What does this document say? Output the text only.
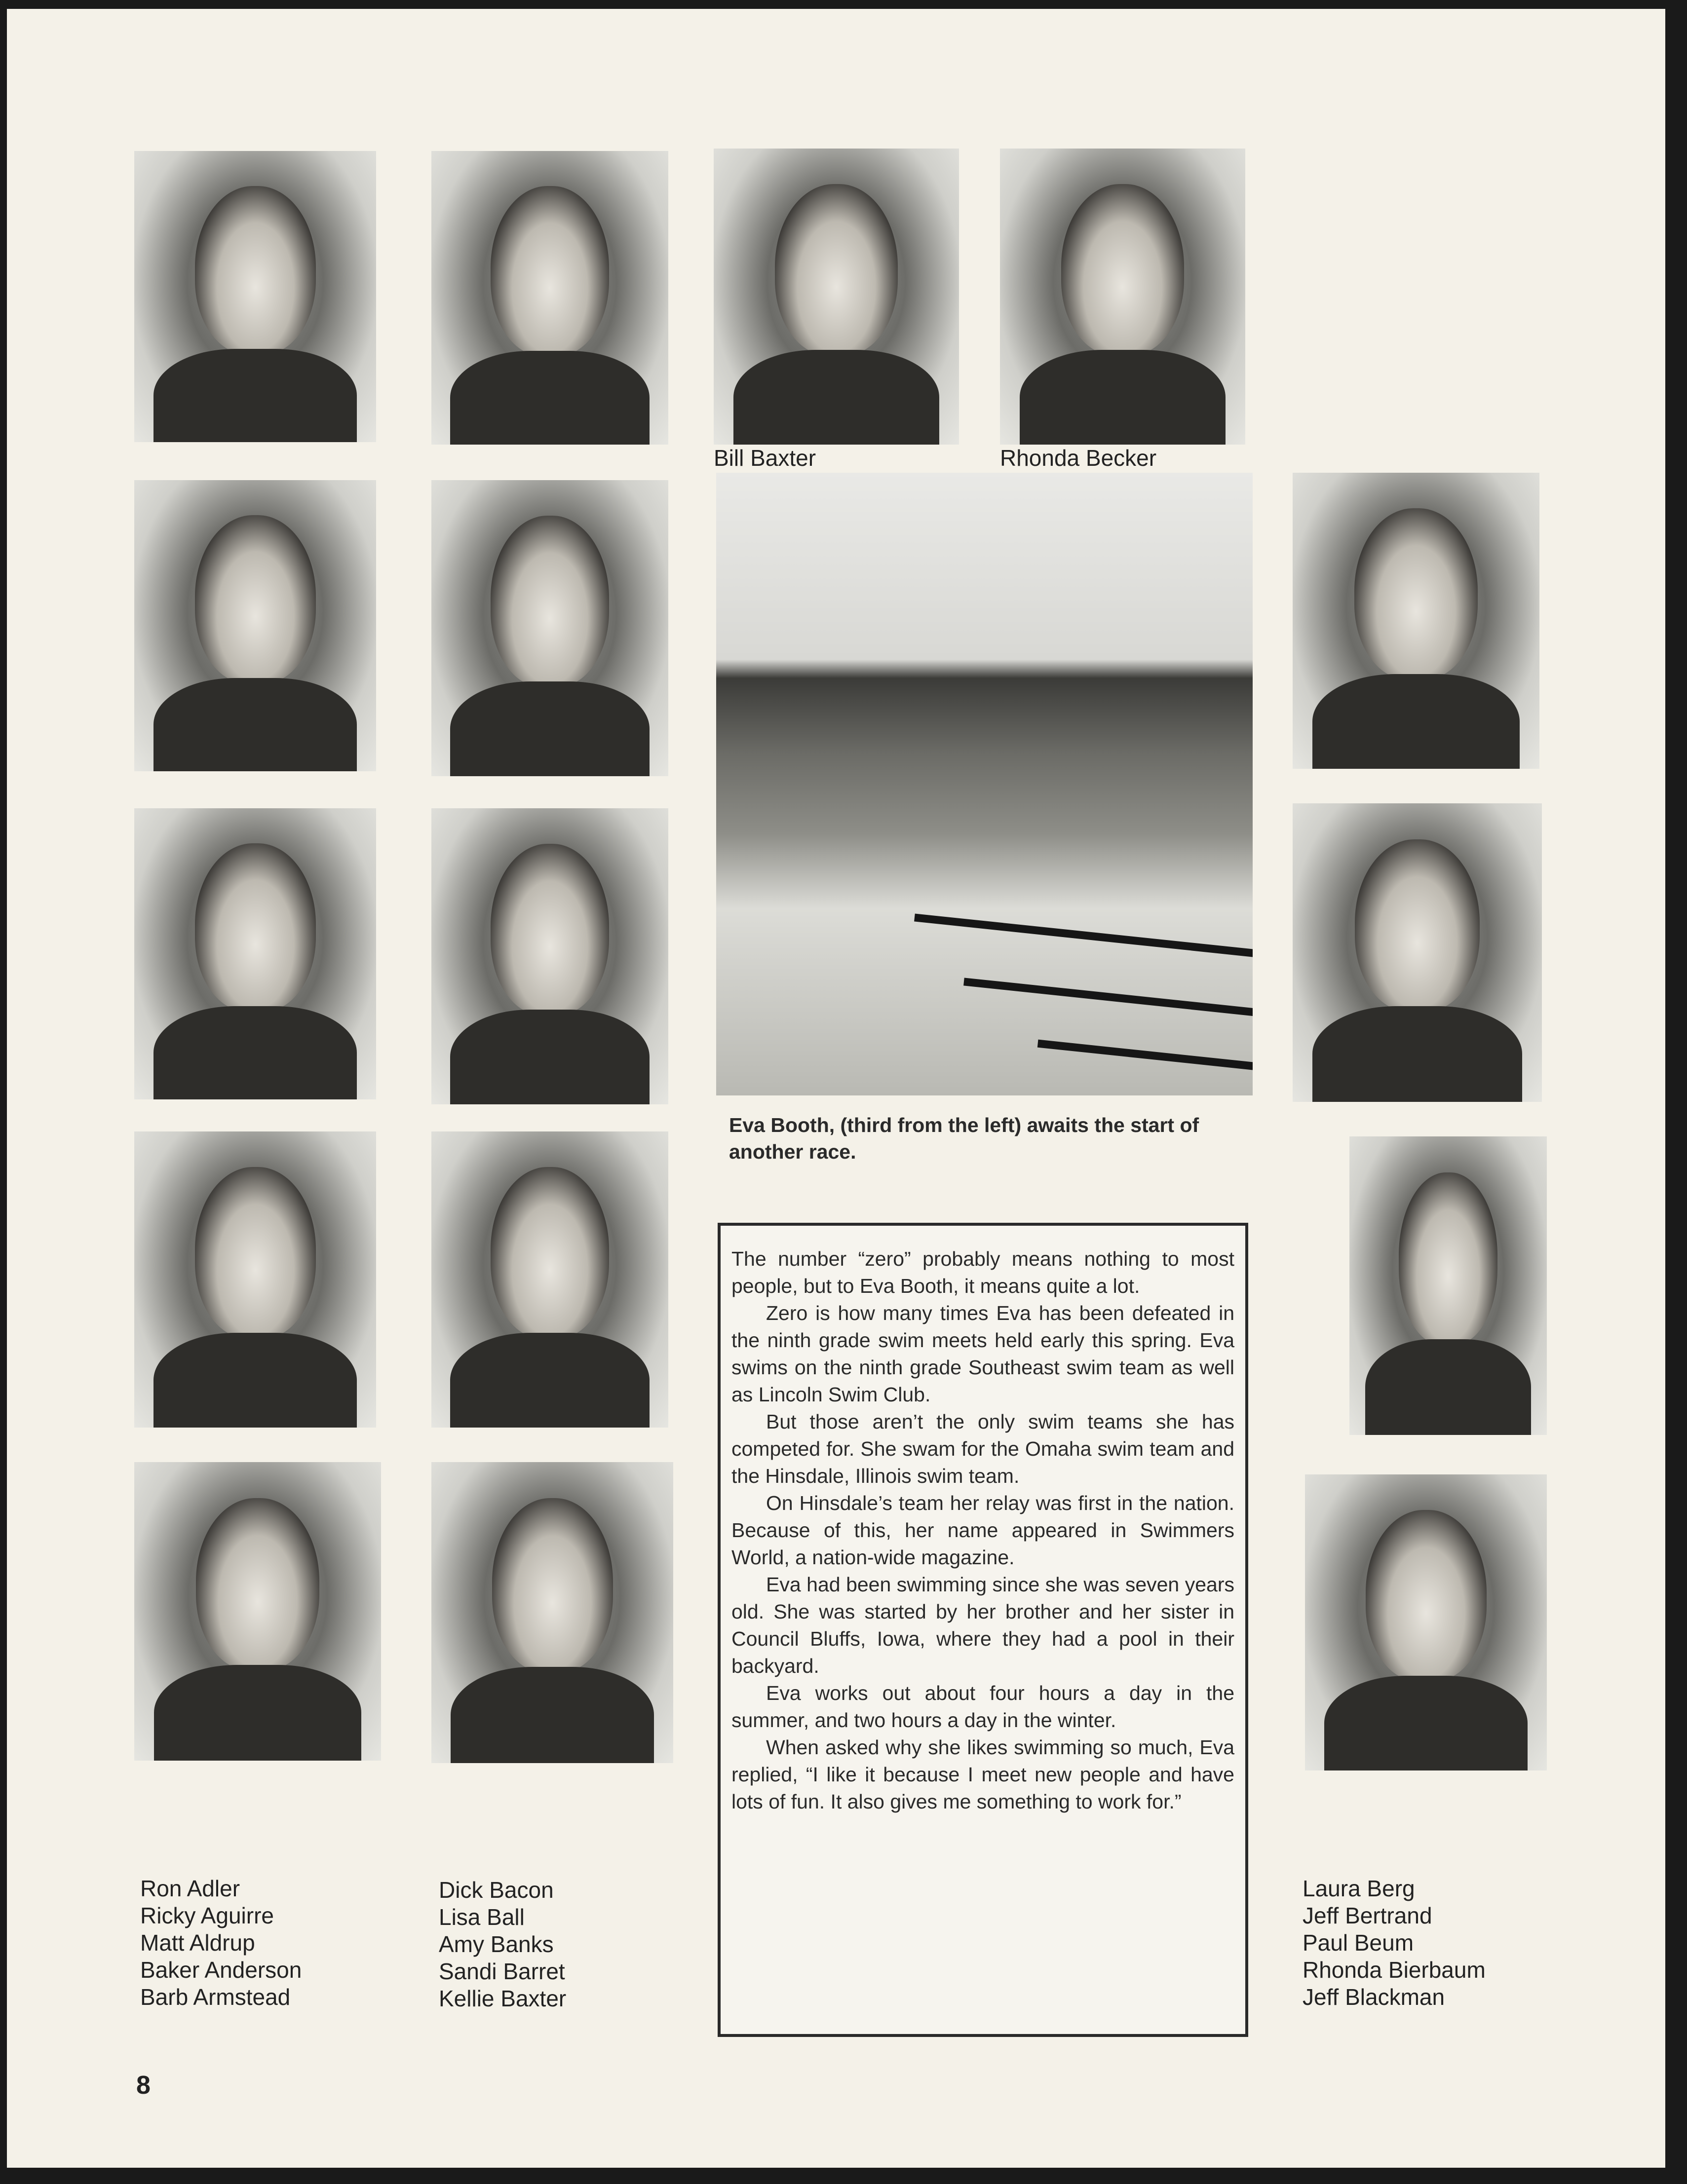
Bill Baxter	Rhonda Becker
Eva Booth, (third from the left) awaits the start of another race.

The number “zero” probably means nothing to most people, but to Eva Booth, it means quite a lot.

Zero is how many times Eva has been defeated in the ninth grade swim meets held early this spring. Eva swims on the ninth grade Southeast swim team as well as Lincoln Swim Club.

But those aren’t the only swim teams she has competed for. She swam for the Omaha swim team and the Hinsdale, Illinois swim team.

On Hinsdale’s team her relay was first in the nation. Because of this, her name appeared in Swimmers World, a nation-wide magazine.

Eva had been swimming since she was seven years old. She was started by her brother and her sister in Council Bluffs, Iowa, where they had a pool in their backyard.

Eva works out about four hours a day in the summer, and two hours a day in the winter.

When asked why she likes swimming so much, Eva replied, “I like it because I meet new people and have lots of fun. It also gives me something to work for.”

Ron Adler
Ricky Aguirre
Matt Aldrup
Baker Anderson
Barb Armstead
Dick Bacon
Lisa Ball
Amy Banks
Sandi Barret
Kellie Baxter
Laura Berg
Jeff Bertrand
Paul Beum
Rhonda Bierbaum
Jeff Blackman
8
